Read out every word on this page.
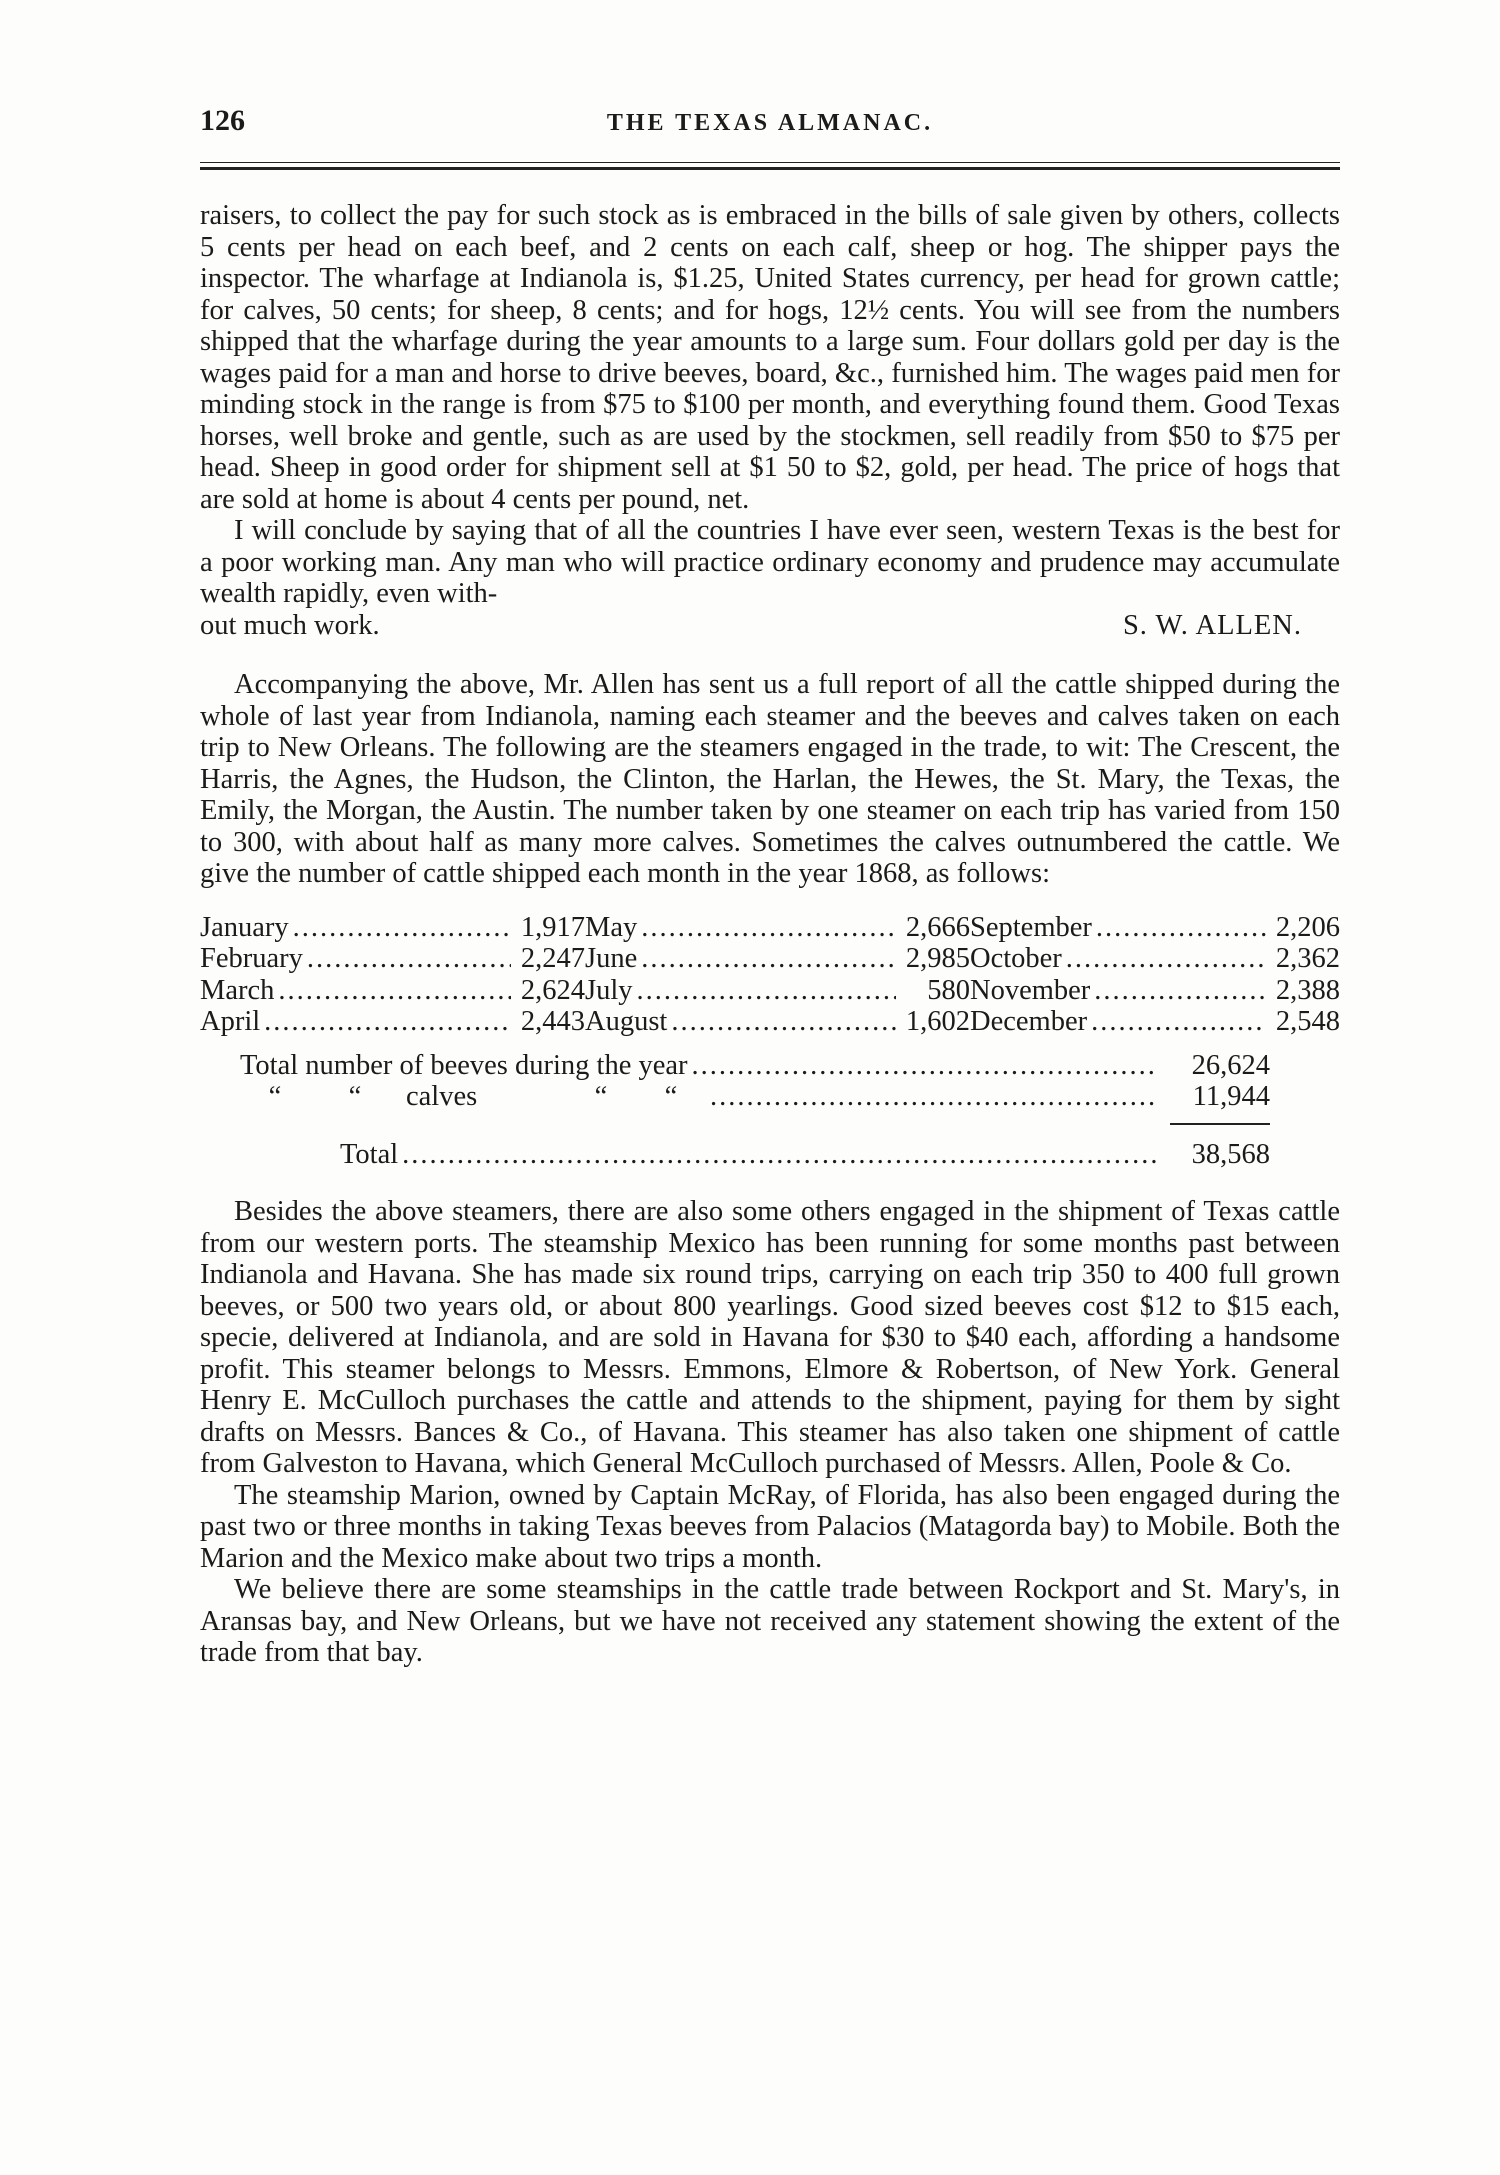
126	THE TEXAS ALMANAC.

raisers, to collect the pay for such stock as is embraced in the bills of sale given by others, collects 5 cents per head on each beef, and 2 cents on each calf, sheep or hog. The shipper pays the inspector. The wharfage at Indianola is, $1.25, United States currency, per head for grown cattle; for calves, 50 cents; for sheep, 8 cents; and for hogs, 12½ cents. You will see from the numbers shipped that the wharfage during the year amounts to a large sum. Four dollars gold per day is the wages paid for a man and horse to drive beeves, board, &c., furnished him. The wages paid men for minding stock in the range is from $75 to $100 per month, and everything found them. Good Texas horses, well broke and gentle, such as are used by the stockmen, sell readily from $50 to $75 per head. Sheep in good order for shipment sell at $1 50 to $2, gold, per head. The price of hogs that are sold at home is about 4 cents per pound, net.

I will conclude by saying that of all the countries I have ever seen, western Texas is the best for a poor working man. Any man who will practice ordinary economy and prudence may accumulate wealth rapidly, even with-

out much work.	S. W. ALLEN.

Accompanying the above, Mr. Allen has sent us a full report of all the cattle shipped during the whole of last year from Indianola, naming each steamer and the beeves and calves taken on each trip to New Orleans. The following are the steamers engaged in the trade, to wit: The Crescent, the Harris, the Agnes, the Hudson, the Clinton, the Harlan, the Hewes, the St. Mary, the Texas, the Emily, the Morgan, the Austin. The number taken by one steamer on each trip has varied from 150 to 300, with about half as many more calves. Sometimes the calves outnumbered the cattle. We give the number of cattle shipped each month in the year 1868, as follows:

January .....	1,917 May .....	2,666 September .....	2,206
February .....	2,247 June .....	2,985 October .....	2,362
March .....	2,624 July .....	580 November .....	2,388
April .....	2,443 August .....	1,602 December .....	2,548
Total number of beeves during the year .....	26,624
“ “ calves	“ “ .....	11,944
Total .....	38,568

Besides the above steamers, there are also some others engaged in the shipment of Texas cattle from our western ports. The steamship Mexico has been running for some months past between Indianola and Havana. She has made six round trips, carrying on each trip 350 to 400 full grown beeves, or 500 two years old, or about 800 yearlings. Good sized beeves cost $12 to $15 each, specie, delivered at Indianola, and are sold in Havana for $30 to $40 each, affording a handsome profit. This steamer belongs to Messrs. Emmons, Elmore & Robertson, of New York. General Henry E. McCulloch purchases the cattle and attends to the shipment, paying for them by sight drafts on Messrs. Bances & Co., of Havana. This steamer has also taken one shipment of cattle from Galveston to Havana, which General McCulloch purchased of Messrs. Allen, Poole & Co.

The steamship Marion, owned by Captain McRay, of Florida, has also been engaged during the past two or three months in taking Texas beeves from Palacios (Matagorda bay) to Mobile. Both the Marion and the Mexico make about two trips a month.

We believe there are some steamships in the cattle trade between Rockport and St. Mary's, in Aransas bay, and New Orleans, but we have not received any statement showing the extent of the trade from that bay.
